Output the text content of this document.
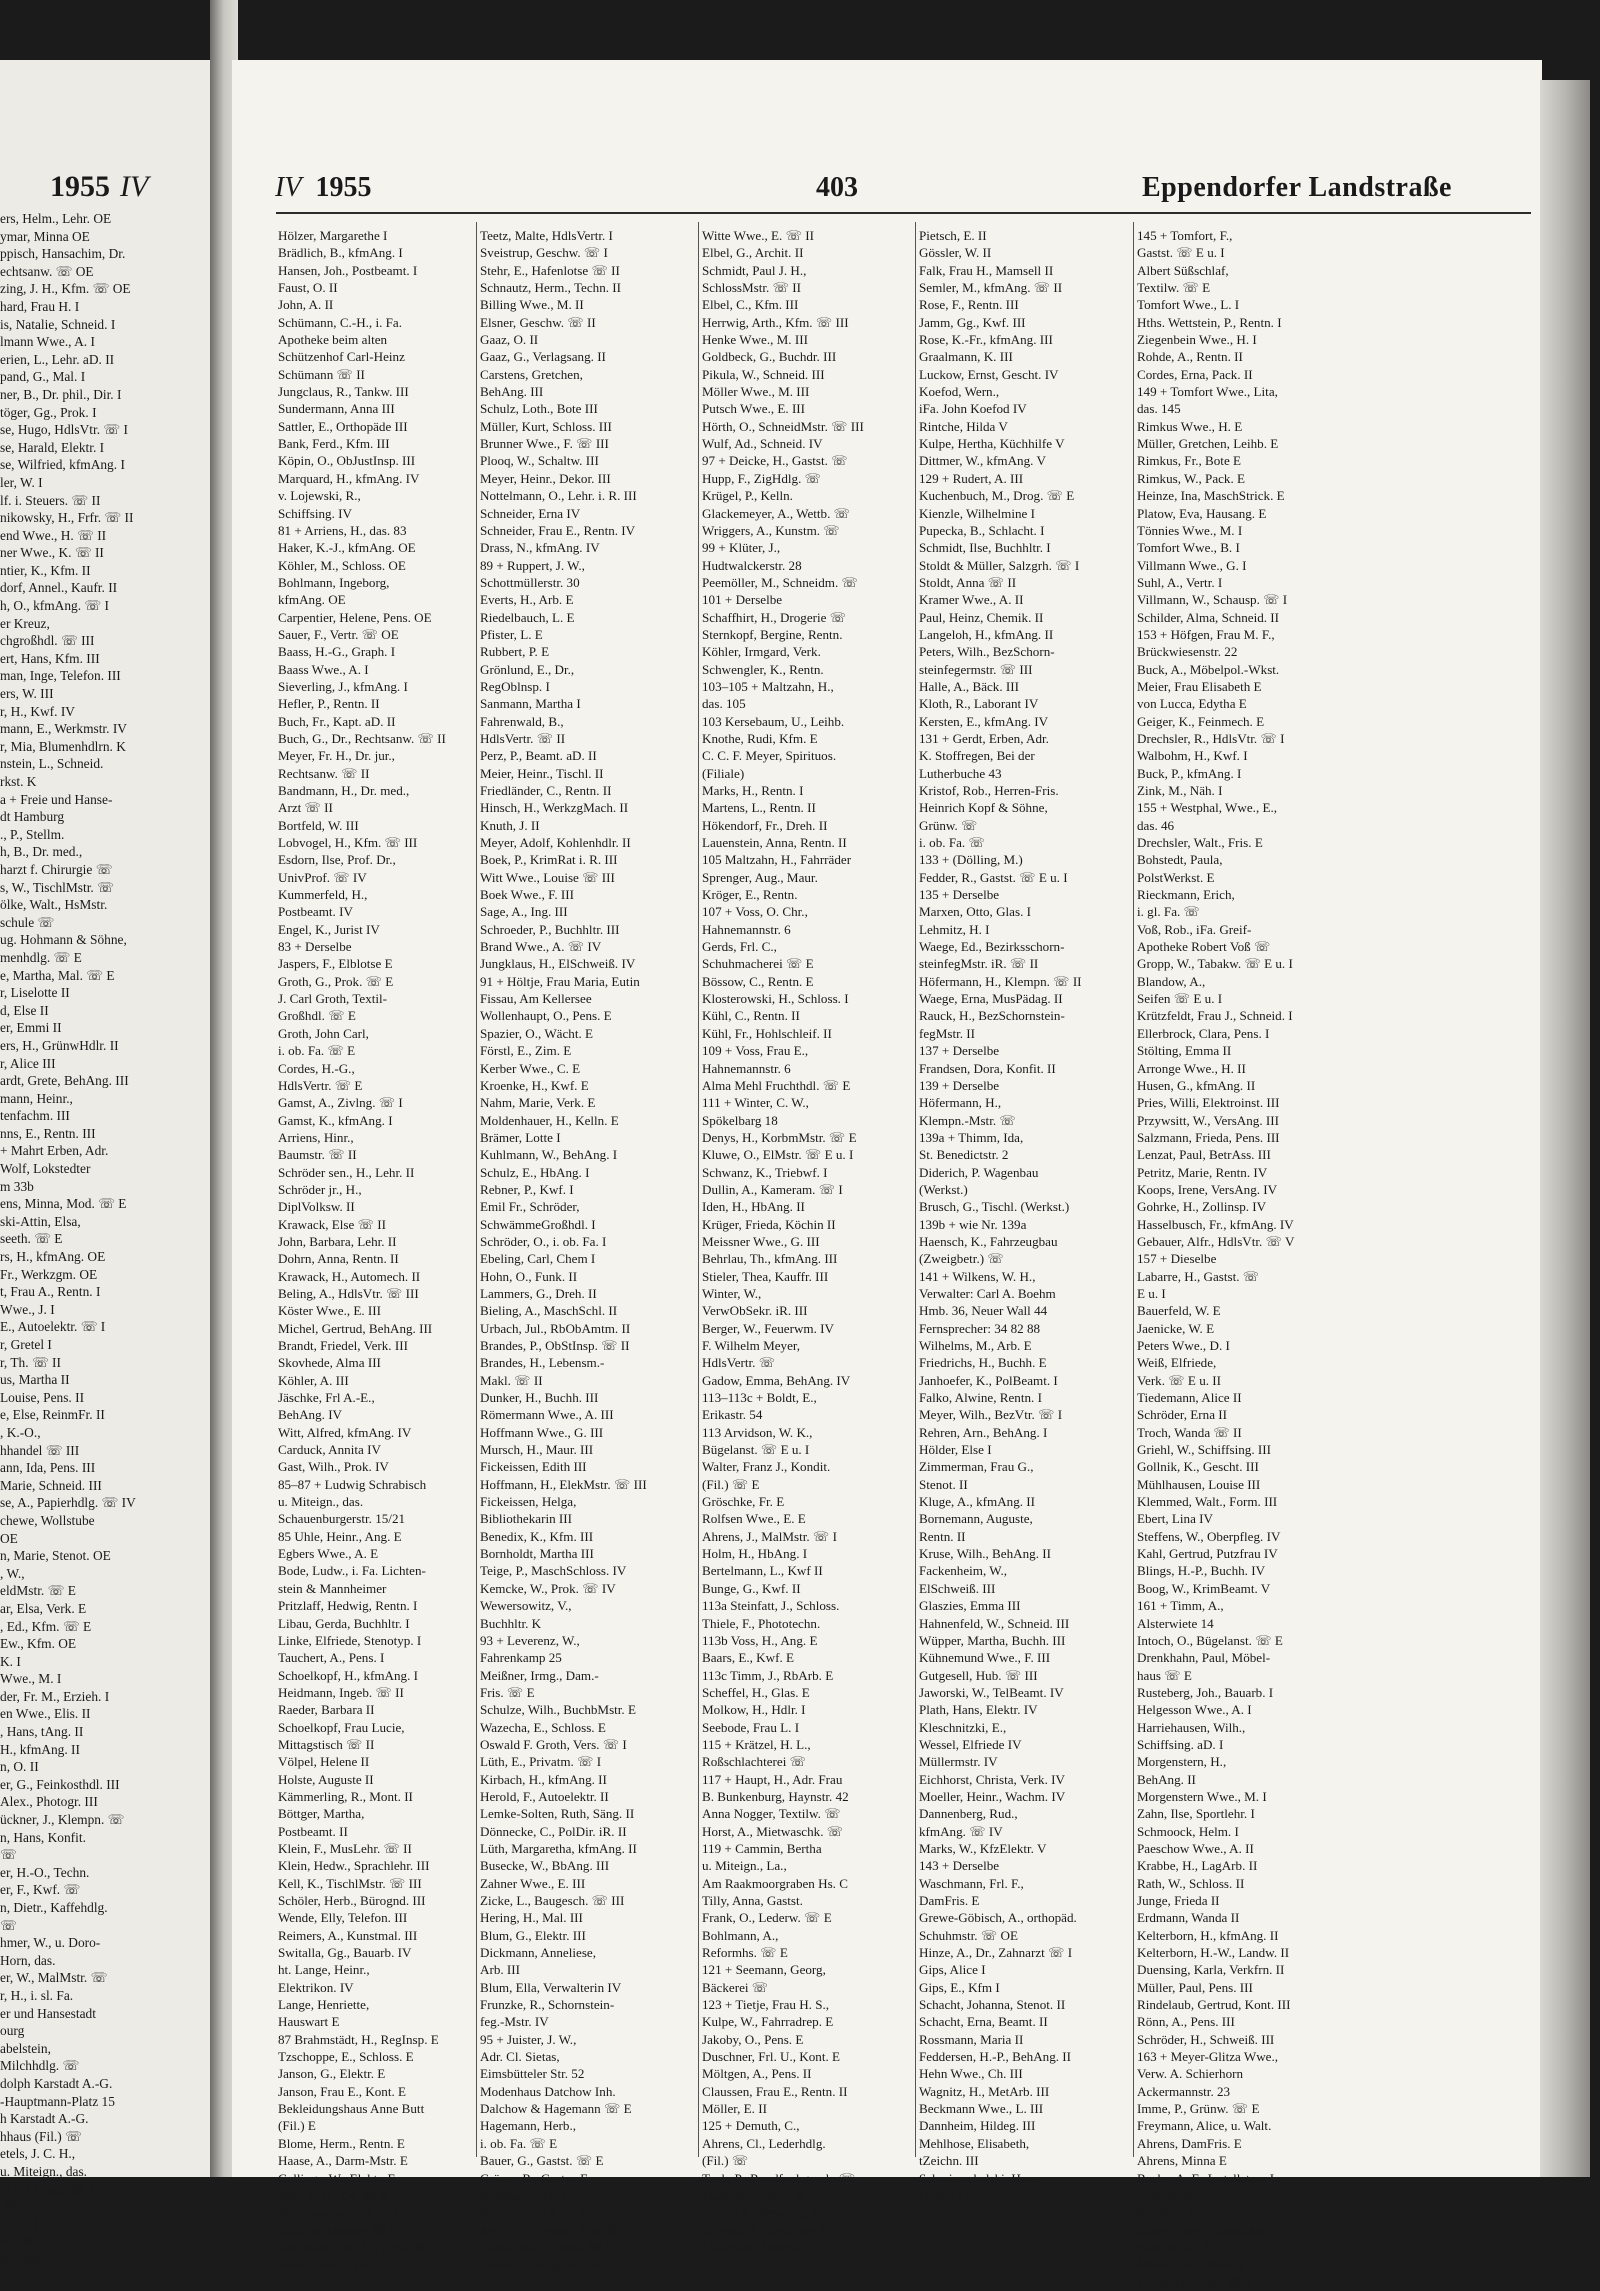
1955 IV
ers, Helm., Lehr. OE
ymar, Minna OE
ppisch, Hansachim, Dr.
echtsanw. ☏ OE
zing, J. H., Kfm. ☏ OE
hard, Frau H. I
is, Natalie, Schneid. I
lmann Wwe., A. I
erien, L., Lehr. aD. II
pand, G., Mal. I
ner, B., Dr. phil., Dir. I
töger, Gg., Prok. I
se, Hugo, HdlsVtr. ☏ I
se, Harald, Elektr. I
se, Wilfried, kfmAng. I
ler, W. I
lf. i. Steuers. ☏ II
nikowsky, H., Frfr. ☏ II
end Wwe., H. ☏ II
ner Wwe., K. ☏ II
ntier, K., Kfm. II
dorf, Annel., Kaufr. II
h, O., kfmAng. ☏ I
er Kreuz,
chgroßhdl. ☏ III
ert, Hans, Kfm. III
man, Inge, Telefon. III
ers, W. III
r, H., Kwf. IV
mann, E., Werkmstr. IV
r, Mia, Blumenhdlrn. K
nstein, L., Schneid.
rkst. K
a + Freie und Hanse-
dt Hamburg
., P., Stellm.
h, B., Dr. med.,
harzt f. Chirurgie ☏
s, W., TischlMstr. ☏
ölke, Walt., HsMstr.
schule ☏
ug. Hohmann & Söhne,
menhdlg. ☏ E
e, Martha, Mal. ☏ E
r, Liselotte II
d, Else II
er, Emmi II
ers, H., GrünwHdlr. II
r, Alice III
ardt, Grete, BehAng. III
mann, Heinr.,
tenfachm. III
nns, E., Rentn. III
+ Mahrt Erben, Adr.
Wolf, Lokstedter
m 33b
ens, Minna, Mod. ☏ E
ski-Attin, Elsa,
seeth. ☏ E
rs, H., kfmAng. OE
Fr., Werkzgm. OE
t, Frau A., Rentn. I
Wwe., J. I
E., Autoelektr. ☏ I
r, Gretel I
r, Th. ☏ II
us, Martha II
Louise, Pens. II
e, Else, ReinmFr. II
, K.-O.,
hhandel ☏ III
ann, Ida, Pens. III
Marie, Schneid. III
se, A., Papierhdlg. ☏ IV
chewe, Wollstube
OE
n, Marie, Stenot. OE
, W.,
eldMstr. ☏ E
ar, Elsa, Verk. E
, Ed., Kfm. ☏ E
Ew., Kfm. OE
K. I
Wwe., M. I
der, Fr. M., Erzieh. I
en Wwe., Elis. II
, Hans, tAng. II
H., kfmAng. II
n, O. II
er, G., Feinkosthdl. III
Alex., Photogr. III
ückner, J., Klempn. ☏
n, Hans, Konfit.
☏
er, H.-O., Techn.
er, F., Kwf. ☏
n, Dietr., Kaffehdlg.
☏
hmer, W., u. Doro-
Horn, das.
er, W., MalMstr. ☏
r, H., i. sl. Fa.
er und Hansestadt
ourg
abelstein,
Milchhdlg. ☏
dolph Karstadt A.-G.
-Hauptmann-Platz 15
h Karstadt A.-G.
hhaus (Fil.) ☏
etels, J. C. H.,
u. Miteign., das.
, O., El-Inst. ☏ E
☏ E
, J. C. H.,
ok. ☏
er, Johs.
IV 1955	403	Eppendorfer Landstraße
Hölzer, Margarethe I
Brädlich, B., kfmAng. I
Hansen, Joh., Postbeamt. I
Faust, O. II
John, A. II
Schümann, C.-H., i. Fa.
Apotheke beim alten
Schützenhof Carl-Heinz
Schümann ☏ II
Jungclaus, R., Tankw. III
Sundermann, Anna III
Sattler, E., Orthopäde III
Bank, Ferd., Kfm. III
Köpin, O., ObJustInsp. III
Marquard, H., kfmAng. IV
v. Lojewski, R.,
Schiffsing. IV
81 + Arriens, H., das. 83
Haker, K.-J., kfmAng. OE
Köhler, M., Schloss. OE
Bohlmann, Ingeborg,
kfmAng. OE
Carpentier, Helene, Pens. OE
Sauer, F., Vertr. ☏ OE
Baass, H.-G., Graph. I
Baass Wwe., A. I
Sieverling, J., kfmAng. I
Hefler, P., Rentn. II
Buch, Fr., Kapt. aD. II
Buch, G., Dr., Rechtsanw. ☏ II
Meyer, Fr. H., Dr. jur.,
Rechtsanw. ☏ II
Bandmann, H., Dr. med.,
Arzt ☏ II
Bortfeld, W. III
Lobvogel, H., Kfm. ☏ III
Esdorn, Ilse, Prof. Dr.,
UnivProf. ☏ IV
Kummerfeld, H.,
Postbeamt. IV
Engel, K., Jurist IV
83 + Derselbe
Jaspers, F., Elblotse E
Groth, G., Prok. ☏ E
J. Carl Groth, Textil-
Großhdl. ☏ E
Groth, John Carl,
i. ob. Fa. ☏ E
Cordes, H.-G.,
HdlsVertr. ☏ E
Gamst, A., Zivlng. ☏ I
Gamst, K., kfmAng. I
Arriens, Hinr.,
Baumstr. ☏ II
Schröder sen., H., Lehr. II
Schröder jr., H.,
DiplVolksw. II
Krawack, Else ☏ II
John, Barbara, Lehr. II
Dohrn, Anna, Rentn. II
Krawack, H., Automech. II
Beling, A., HdlsVtr. ☏ III
Köster Wwe., E. III
Michel, Gertrud, BehAng. III
Brandt, Friedel, Verk. III
Skovhede, Alma III
Köhler, A. III
Jäschke, Frl A.-E.,
BehAng. IV
Witt, Alfred, kfmAng. IV
Carduck, Annita IV
Gast, Wilh., Prok. IV
85–87 + Ludwig Schrabisch
u. Miteign., das.
Schauenburgerstr. 15/21
85 Uhle, Heinr., Ang. E
Egbers Wwe., A. E
Bode, Ludw., i. Fa. Lichten-
stein & Mannheimer
Pritzlaff, Hedwig, Rentn. I
Libau, Gerda, Buchhltr. I
Linke, Elfriede, Stenotyp. I
Tauchert, A., Pens. I
Schoelkopf, H., kfmAng. I
Heidmann, Ingeb. ☏ II
Raeder, Barbara II
Schoelkopf, Frau Lucie,
Mittagstisch ☏ II
Völpel, Helene II
Holste, Auguste II
Kämmerling, R., Mont. II
Böttger, Martha,
Postbeamt. II
Klein, F., MusLehr. ☏ II
Klein, Hedw., Sprachlehr. III
Kell, K., TischlMstr. ☏ III
Schöler, Herb., Bürognd. III
Wende, Elly, Telefon. III
Reimers, A., Kunstmal. III
Switalla, Gg., Bauarb. IV
ht. Lange, Heinr.,
Elektrikon. IV
Lange, Henriette,
Hauswart E
87 Brahmstädt, H., RegInsp. E
Tzschoppe, E., Schloss. E
Janson, G., Elektr. E
Janson, Frau E., Kont. E
Bekleidungshaus Anne Butt
(Fil.) E
Blome, Herm., Rentn. E
Haase, A., Darm-Mstr. E
Gellings, W., Elektr. E
Butt, E. H., Dr. ☏ E
Bohlmann sen., H., i. Fa.
Julius Bohlmann ☏ E
Bohlmann jun., H., Kfm. ☏ I
Padel, Frieda, Pens. I
Teetz, Malte, HdlsVertr. I
Sveistrup, Geschw. ☏ I
Stehr, E., Hafenlotse ☏ II
Schnautz, Herm., Techn. II
Billing Wwe., M. II
Elsner, Geschw. ☏ II
Gaaz, O. II
Gaaz, G., Verlagsang. II
Carstens, Gretchen,
BehAng. III
Schulz, Loth., Bote III
Müller, Kurt, Schloss. III
Brunner Wwe., F. ☏ III
Plooq, W., Schaltw. III
Meyer, Heinr., Dekor. III
Nottelmann, O., Lehr. i. R. III
Schneider, Erna IV
Schneider, Frau E., Rentn. IV
Drass, N., kfmAng. IV
89 + Ruppert, J. W.,
Schottmüllerstr. 30
Everts, H., Arb. E
Riedelbauch, L. E
Pfister, L. E
Rubbert, P. E
Grönlund, E., Dr.,
RegOblnsp. I
Sanmann, Martha I
Fahrenwald, B.,
HdlsVertr. ☏ II
Perz, P., Beamt. aD. II
Meier, Heinr., Tischl. II
Friedländer, C., Rentn. II
Hinsch, H., WerkzgMach. II
Knuth, J. II
Meyer, Adolf, Kohlenhdlr. II
Boek, P., KrimRat i. R. III
Witt Wwe., Louise ☏ III
Boek Wwe., F. III
Sage, A., Ing. III
Schroeder, P., Buchhltr. III
Brand Wwe., A. ☏ IV
Jungklaus, H., ElSchweiß. IV
91 + Höltje, Frau Maria, Eutin
Fissau, Am Kellersee
Wollenhaupt, O., Pens. E
Spazier, O., Wächt. E
Förstl, E., Zim. E
Kerber Wwe., C. E
Kroenke, H., Kwf. E
Nahm, Marie, Verk. E
Moldenhauer, H., Kelln. E
Brämer, Lotte I
Kuhlmann, W., BehAng. I
Schulz, E., HbAng. I
Rebner, P., Kwf. I
Emil Fr., Schröder,
SchwämmeGroßhdl. I
Schröder, O., i. ob. Fa. I
Ebeling, Carl, Chem I
Hohn, O., Funk. II
Lammers, G., Dreh. II
Bieling, A., MaschSchl. II
Urbach, Jul., RbObAmtm. II
Brandes, P., ObStInsp. ☏ II
Brandes, H., Lebensm.-
Makl. ☏ II
Dunker, H., Buchh. III
Römermann Wwe., A. III
Hoffmann Wwe., G. III
Mursch, H., Maur. III
Fickeissen, Edith III
Hoffmann, H., ElekMstr. ☏ III
Fickeissen, Helga,
Bibliothekarin III
Benedix, K., Kfm. III
Bornholdt, Martha III
Teige, P., MaschSchloss. IV
Kemcke, W., Prok. ☏ IV
Wewersowitz, V.,
Buchhltr. K
93 + Leverenz, W.,
Fahrenkamp 25
Meißner, Irmg., Dam.-
Fris. ☏ E
Schulze, Wilh., BuchbMstr. E
Wazecha, E., Schloss. E
Oswald F. Groth, Vers. ☏ I
Lüth, E., Privatm. ☏ I
Kirbach, H., kfmAng. II
Herold, F., Autoelektr. II
Lemke-Solten, Ruth, Säng. II
Dönnecke, C., PolDir. iR. II
Lüth, Margaretha, kfmAng. II
Busecke, W., BbAng. III
Zahner Wwe., E. III
Zicke, L., Baugesch. ☏ III
Hering, H., Mal. III
Blum, G., Elektr. III
Dickmann, Anneliese,
Arb. III
Blum, Ella, Verwalterin IV
Frunzke, R., Schornstein-
feg.-Mstr. IV
95 + Juister, J. W.,
Adr. Cl. Sietas,
Eimsbütteler Str. 52
Modenhaus Datchow Inh.
Dalchow & Hagemann ☏ E
Hagemann, Herb.,
i. ob. Fa. ☏ E
Bauer, G., Gastst. ☏ E
Gräper, R., Gastw. E
Bohlmann, Th. I
Bleyer, Chr., Kfm. I
Arp, H., Dr. med., Arzt ☏ I
Caesar Bull, Pianos ☏ II
Lewerenz, Auguste, Buchh. II
Witte Wwe., E. ☏ II
Elbel, G., Archit. II
Schmidt, Paul J. H.,
SchlossMstr. ☏ II
Elbel, C., Kfm. III
Herrwig, Arth., Kfm. ☏ III
Henke Wwe., M. III
Goldbeck, G., Buchdr. III
Pikula, W., Schneid. III
Möller Wwe., M. III
Putsch Wwe., E. III
Hörth, O., SchneidMstr. ☏ III
Wulf, Ad., Schneid. IV
97 + Deicke, H., Gastst. ☏
Hupp, F., ZigHdlg. ☏
Krügel, P., Kelln.
Glackemeyer, A., Wettb. ☏
Wriggers, A., Kunstm. ☏
99 + Klüter, J.,
Hudtwalckerstr. 28
Peemöller, M., Schneidm. ☏
101 + Derselbe
Schaffhirt, H., Drogerie ☏
Sternkopf, Bergine, Rentn.
Köhler, Irmgard, Verk.
Schwengler, K., Rentn.
103–105 + Maltzahn, H.,
das. 105
103 Kersebaum, U., Leihb.
Knothe, Rudi, Kfm. E
C. C. F. Meyer, Spirituos.
(Filiale)
Marks, H., Rentn. I
Martens, L., Rentn. II
Hökendorf, Fr., Dreh. II
Lauenstein, Anna, Rentn. II
105 Maltzahn, H., Fahrräder
Sprenger, Aug., Maur.
Kröger, E., Rentn.
107 + Voss, O. Chr.,
Hahnemannstr. 6
Gerds, Frl. C.,
Schuhmacherei ☏ E
Bössow, C., Rentn. E
Klosterowski, H., Schloss. I
Kühl, C., Rentn. II
Kühl, Fr., Hohlschleif. II
109 + Voss, Frau E.,
Hahnemannstr. 6
Alma Mehl Fruchthdl. ☏ E
111 + Winter, C. W.,
Spökelbarg 18
Denys, H., KorbmMstr. ☏ E
Kluwe, O., ElMstr. ☏ E u. I
Schwanz, K., Triebwf. I
Dullin, A., Kameram. ☏ I
Iden, H., HbAng. II
Krüger, Frieda, Köchin II
Meissner Wwe., G. III
Behrlau, Th., kfmAng. III
Stieler, Thea, Kauffr. III
Winter, W.,
VerwObSekr. iR. III
Berger, W., Feuerwm. IV
F. Wilhelm Meyer,
HdlsVertr. ☏
Gadow, Emma, BehAng. IV
113–113c + Boldt, E.,
Erikastr. 54
113 Arvidson, W. K.,
Bügelanst. ☏ E u. I
Walter, Franz J., Kondit.
(Fil.) ☏ E
Gröschke, Fr. E
Rolfsen Wwe., E. E
Ahrens, J., MalMstr. ☏ I
Holm, H., HbAng. I
Bertelmann, L., Kwf II
Bunge, G., Kwf. II
113a Steinfatt, J., Schloss.
Thiele, F., Phototechn.
113b Voss, H., Ang. E
Baars, E., Kwf. E
113c Timm, J., RbArb. E
Scheffel, H., Glas. E
Molkow, H., Hdlr. I
Seebode, Frau L. I
115 + Krätzel, H. L.,
Roßschlachterei ☏
117 + Haupt, H., Adr. Frau
B. Bunkenburg, Haynstr. 42
Anna Nogger, Textilw. ☏
Horst, A., Mietwaschk. ☏
119 + Cammin, Bertha
u. Miteign., La.,
Am Raakmoorgraben Hs. C
Tilly, Anna, Gastst.
Frank, O., Lederw. ☏ E
Bohlmann, A.,
Reformhs. ☏ E
121 + Seemann, Georg,
Bäckerei ☏
123 + Tietje, Frau H. S.,
Kulpe, W., Fahrradrep. E
Jakoby, O., Pens. E
Duschner, Frl. U., Kont. E
Möltgen, A., Pens. II
Claussen, Frau E., Rentn. II
Möller, E. II
125 + Demuth, C.,
Ahrens, Cl., Lederhdlg.
(Fil.) ☏
Tank, P., Rundfunkgesch. ☏
Plath, A., Wäsch. E
Rösler, P., VersAng. E
Schenk, H., Dipl.-Ing. I
Lindgaard, Martha II
Pietsch, E. II
Gössler, W. II
Falk, Frau H., Mamsell II
Semler, M., kfmAng. ☏ II
Rose, F., Rentn. III
Jamm, Gg., Kwf. III
Rose, K.-Fr., kfmAng. III
Graalmann, K. III
Luckow, Ernst, Gescht. IV
Koefod, Wern.,
iFa. John Koefod IV
Rintche, Hilda V
Kulpe, Hertha, Küchhilfe V
Dittmer, W., kfmAng. V
129 + Rudert, A. III
Kuchenbuch, M., Drog. ☏ E
Kienzle, Wilhelmine I
Pupecka, B., Schlacht. I
Schmidt, Ilse, Buchhltr. I
Stoldt & Müller, Salzgrh. ☏ I
Stoldt, Anna ☏ II
Kramer Wwe., A. II
Paul, Heinz, Chemik. II
Langeloh, H., kfmAng. II
Peters, Wilh., BezSchorn-
steinfegermstr. ☏ III
Halle, A., Bäck. III
Kloth, R., Laborant IV
Kersten, E., kfmAng. IV
131 + Gerdt, Erben, Adr.
K. Stoffregen, Bei der
Lutherbuche 43
Kristof, Rob., Herren-Fris.
Heinrich Kopf & Söhne,
Grünw. ☏
i. ob. Fa. ☏
133 + (Dölling, M.)
Fedder, R., Gastst. ☏ E u. I
135 + Derselbe
Marxen, Otto, Glas. I
Lehmitz, H. I
Waege, Ed., Bezirksschorn-
steinfegMstr. iR. ☏ II
Höfermann, H., Klempn. ☏ II
Waege, Erna, MusPädag. II
Rauck, H., BezSchornstein-
fegMstr. II
137 + Derselbe
Frandsen, Dora, Konfit. II
139 + Derselbe
Höfermann, H.,
Klempn.-Mstr. ☏
139a + Thimm, Ida,
St. Benedictstr. 2
Diderich, P. Wagenbau
(Werkst.)
Brusch, G., Tischl. (Werkst.)
139b + wie Nr. 139a
Haensch, K., Fahrzeugbau
(Zweigbetr.) ☏
141 + Wilkens, W. H.,
Verwalter: Carl A. Boehm
Hmb. 36, Neuer Wall 44
Fernsprecher: 34 82 88
Wilhelms, M., Arb. E
Friedrichs, H., Buchh. E
Janhoefer, K., PolBeamt. I
Falko, Alwine, Rentn. I
Meyer, Wilh., BezVtr. ☏ I
Rehren, Arn., BehAng. I
Hölder, Else I
Zimmerman, Frau G.,
Stenot. II
Kluge, A., kfmAng. II
Bornemann, Auguste,
Rentn. II
Kruse, Wilh., BehAng. II
Fackenheim, W.,
ElSchweiß. III
Glaszies, Emma III
Hahnenfeld, W., Schneid. III
Wüpper, Martha, Buchh. III
Kühnemund Wwe., F. III
Gutgesell, Hub. ☏ III
Jaworski, W., TelBeamt. IV
Plath, Hans, Elektr. IV
Kleschnitzki, E.,
Wessel, Elfriede IV
Müllermstr. IV
Eichhorst, Christa, Verk. IV
Moeller, Heinr., Wachm. IV
Dannenberg, Rud.,
kfmAng. ☏ IV
Marks, W., KfzElektr. V
143 + Derselbe
Waschmann, Frl. F.,
DamFris. E
Grewe-Göbisch, A., orthopäd.
Schuhmstr. ☏ OE
Hinze, A., Dr., Zahnarzt ☏ I
Gips, Alice I
Gips, E., Kfm I
Schacht, Johanna, Stenot. II
Schacht, Erna, Beamt. II
Rossmann, Maria II
Feddersen, H.-P., BehAng. II
Hehn Wwe., Ch. III
Wagnitz, H., MetArb. III
Beckmann Wwe., L. III
Dannheim, Hildeg. III
Mehlhose, Elisabeth,
tZeichn. III
Schmierschalski, Hans,
Obing. IV
145 + Tomfort, F.,
Gastst. ☏ E u. I
Albert Süßschlaf,
Textilw. ☏ E
Tomfort Wwe., L. I
Hths. Wettstein, P., Rentn. I
Ziegenbein Wwe., H. I
Rohde, A., Rentn. II
Cordes, Erna, Pack. II
149 + Tomfort Wwe., Lita,
das. 145
Rimkus Wwe., H. E
Müller, Gretchen, Leihb. E
Rimkus, Fr., Bote E
Rimkus, W., Pack. E
Heinze, Ina, MaschStrick. E
Platow, Eva, Hausang. E
Tönnies Wwe., M. I
Tomfort Wwe., B. I
Villmann Wwe., G. I
Suhl, A., Vertr. I
Villmann, W., Schausp. ☏ I
Schilder, Alma, Schneid. II
153 + Höfgen, Frau M. F.,
Brückwiesenstr. 22
Buck, A., Möbelpol.-Wkst.
Meier, Frau Elisabeth E
von Lucca, Edytha E
Geiger, K., Feinmech. E
Drechsler, R., HdlsVtr. ☏ I
Walbohm, H., Kwf. I
Buck, P., kfmAng. I
Zink, M., Näh. I
155 + Westphal, Wwe., E.,
das. 46
Drechsler, Walt., Fris. E
Bohstedt, Paula,
PolstWerkst. E
Rieckmann, Erich,
i. gl. Fa. ☏
Voß, Rob., iFa. Greif-
Apotheke Robert Voß ☏
Gropp, W., Tabakw. ☏ E u. I
Blandow, A.,
Seifen ☏ E u. I
Krützfeldt, Frau J., Schneid. I
Ellerbrock, Clara, Pens. I
Stölting, Emma II
Arronge Wwe., H. II
Husen, G., kfmAng. II
Pries, Willi, Elektroinst. III
Przywsitt, W., VersAng. III
Salzmann, Frieda, Pens. III
Lenzat, Paul, BetrAss. III
Petritz, Marie, Rentn. IV
Koops, Irene, VersAng. IV
Gohrke, H., Zollinsp. IV
Hasselbusch, Fr., kfmAng. IV
Gebauer, Alfr., HdlsVtr. ☏ V
157 + Dieselbe
Labarre, H., Gastst. ☏
E u. I
Bauerfeld, W. E
Jaenicke, W. E
Peters Wwe., D. I
Weiß, Elfriede,
Verk. ☏ E u. II
Tiedemann, Alice II
Schröder, Erna II
Troch, Wanda ☏ II
Griehl, W., Schiffsing. III
Gollnik, K., Gescht. III
Mühlhausen, Louise III
Klemmed, Walt., Form. III
Ebert, Lina IV
Steffens, W., Oberpfleg. IV
Kahl, Gertrud, Putzfrau IV
Blings, H.-P., Buchh. IV
Boog, W., KrimBeamt. V
161 + Timm, A.,
Alsterwiete 14
Intoch, O., Bügelanst. ☏ E
Drenkhahn, Paul, Möbel-
haus ☏ E
Rusteberg, Joh., Bauarb. I
Helgesson Wwe., A. I
Harriehausen, Wilh.,
Schiffsing. aD. I
Morgenstern, H.,
BehAng. II
Morgenstern Wwe., M. I
Zahn, Ilse, Sportlehr. I
Schmoock, Helm. I
Paeschow Wwe., A. II
Krabbe, H., LagArb. II
Rath, W., Schloss. II
Junge, Frieda II
Erdmann, Wanda II
Kelterborn, H., kfmAng. II
Kelterborn, H.-W., Landw. II
Duensing, Karla, Verkfrn. II
Müller, Paul, Pens. III
Rindelaub, Gertrud, Kont. III
Rönn, A., Pens. III
Schröder, H., Schweiß. III
163 + Meyer-Glitza Wwe.,
Verw. A. Schierhorn
Ackermannstr. 23
Imme, P., Grünw. ☏ E
Freymann, Alice, u. Walt.
Ahrens, DamFris. E
Ahrens, Minna E
Buske, A. F., Installateur I
Schönfeldt, Gertr.,
Buchhltr. I
Runge, Gertr., KrkhsAng. I
Perle Wwe., L. I
Mielke, Ma., Pens. I
Timm, H., Säng. ☏ I
